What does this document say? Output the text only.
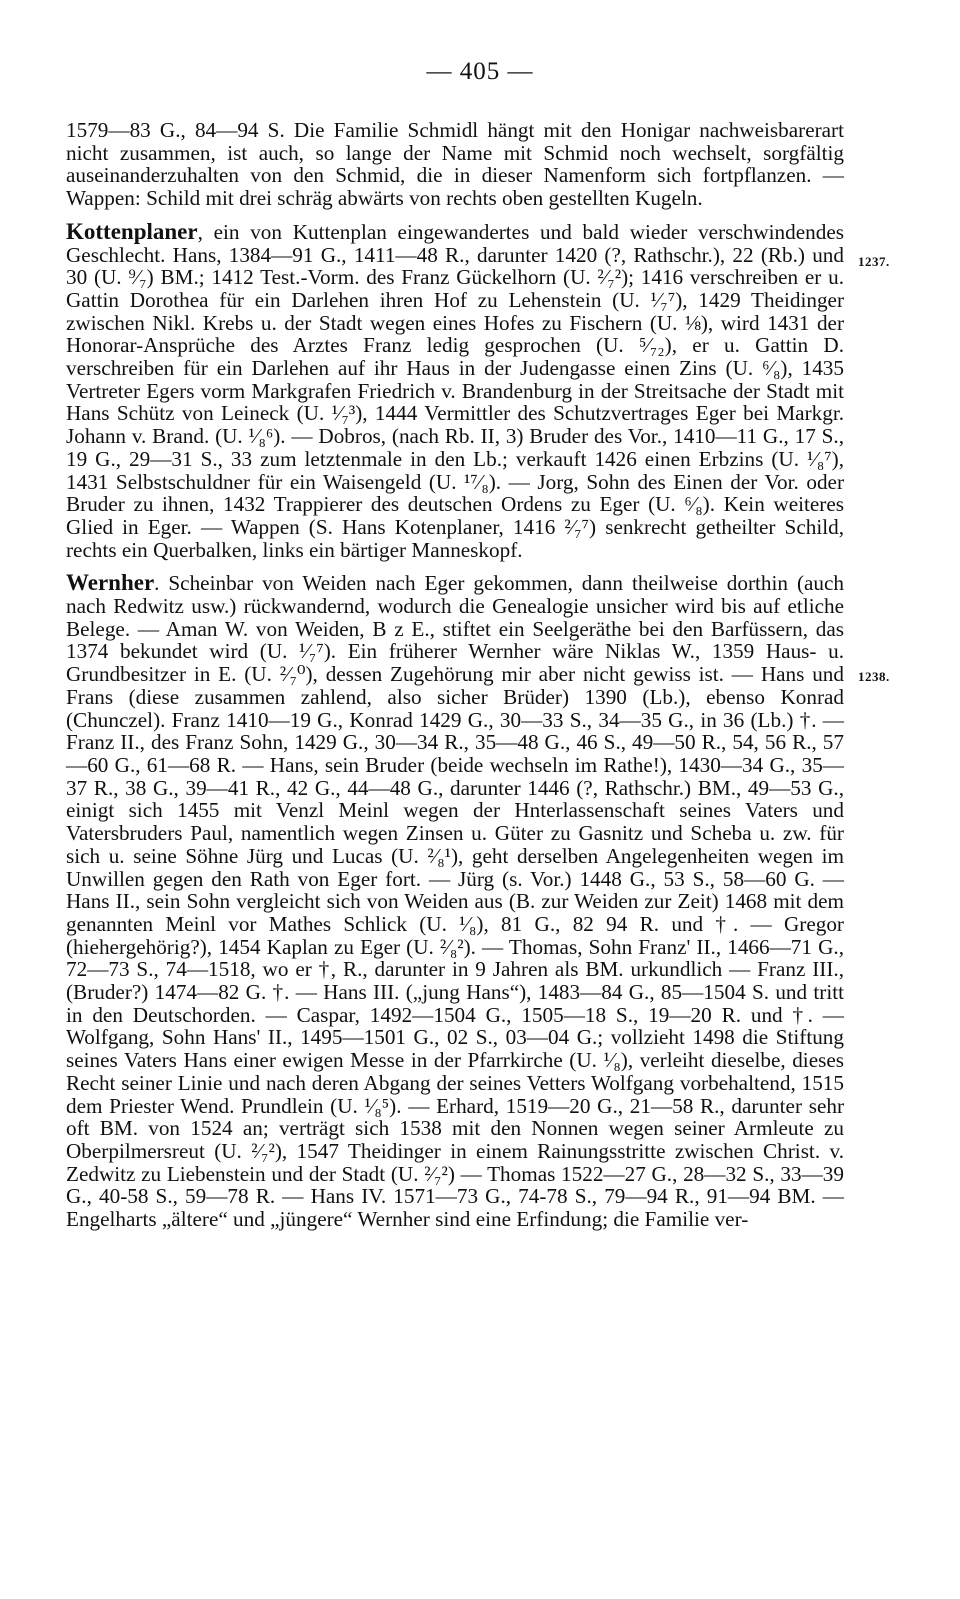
— 405 —

1579—83 G., 84—94 S. Die Familie Schmidl hängt mit den Honigar nachweisbarerart nicht zusammen, ist auch, so lange der Name mit Schmid noch wechselt, sorgfältig auseinanderzuhalten von den Schmid, die in dieser Namenform sich fortpflanzen. — Wappen: Schild mit drei schräg abwärts von rechts oben gestellten Kugeln.

Kottenplaner, ein von Kuttenplan eingewandertes und bald wieder verschwindendes Geschlecht. Hans, 1384—91 G., 1411—48 R., darunter 1420 (?, Rathschr.), 22 (Rb.) und 30 (U. ⁹⁄₇) BM.; 1412 Test.-Vorm. des Franz Gückelhorn (U. ²⁄₇²); 1416 verschreiben er u. Gattin Dorothea für ein Darlehen ihren Hof zu Lehenstein (U. ¹⁄₇⁷), 1429 Theidinger zwischen Nikl. Krebs u. der Stadt wegen eines Hofes zu Fischern (U. ⅛), wird 1431 der Honorar-Ansprüche des Arztes Franz ledig gesprochen (U. ⁵⁄₇₂), er u. Gattin D. verschreiben für ein Darlehen auf ihr Haus in der Judengasse einen Zins (U. ⁶⁄₈), 1435 Vertreter Egers vorm Markgrafen Friedrich v. Brandenburg in der Streitsache der Stadt mit Hans Schütz von Leineck (U. ¹⁄₇³), 1444 Vermittler des Schutzvertrages Eger bei Markgr. Johann v. Brand. (U. ¹⁄₈⁶). — Dobros, (nach Rb. II, 3) Bruder des Vor., 1410—11 G., 17 S., 19 G., 29—31 S., 33 zum letztenmale in den Lb.; verkauft 1426 einen Erbzins (U. ¹⁄₈⁷), 1431 Selbstschuldner für ein Waisengeld (U. ¹⁷⁄₈). — Jorg, Sohn des Einen der Vor. oder Bruder zu ihnen, 1432 Trappierer des deutschen Ordens zu Eger (U. ⁶⁄₈). Kein weiteres Glied in Eger. — Wappen (S. Hans Kotenplaner, 1416 ²⁄₇⁷) senkrecht getheilter Schild, rechts ein Querbalken, links ein bärtiger Manneskopf.

Wernher. Scheinbar von Weiden nach Eger gekommen, dann theilweise dorthin (auch nach Redwitz usw.) rückwandernd, wodurch die Genealogie unsicher wird bis auf etliche Belege. — Aman W. von Weiden, B z E., stiftet ein Seelgeräthe bei den Barfüssern, das 1374 bekundet wird (U. ¹⁄₇⁷). Ein früherer Wernher wäre Niklas W., 1359 Haus- u. Grundbesitzer in E. (U. ²⁄₇⁰), dessen Zugehörung mir aber nicht gewiss ist. — Hans und Frans (diese zusammen zahlend, also sicher Brüder) 1390 (Lb.), ebenso Konrad (Chunczel). Franz 1410—19 G., Konrad 1429 G., 30—33 S., 34—35 G., in 36 (Lb.) †. — Franz II., des Franz Sohn, 1429 G., 30—34 R., 35—48 G., 46 S., 49—50 R., 54, 56 R., 57—60 G., 61—68 R. — Hans, sein Bruder (beide wechseln im Rathe!), 1430—34 G., 35—37 R., 38 G., 39—41 R., 42 G., 44—48 G., darunter 1446 (?, Rathschr.) BM., 49—53 G., einigt sich 1455 mit Venzl Meinl wegen der Hnterlassenschaft seines Vaters und Vatersbruders Paul, namentlich wegen Zinsen u. Güter zu Gasnitz und Scheba u. zw. für sich u. seine Söhne Jürg und Lucas (U. ²⁄₈¹), geht derselben Angelegenheiten wegen im Unwillen gegen den Rath von Eger fort. — Jürg (s. Vor.) 1448 G., 53 S., 58—60 G. — Hans II., sein Sohn vergleicht sich von Weiden aus (B. zur Weiden zur Zeit) 1468 mit dem genannten Meinl vor Mathes Schlick (U. ¹⁄₈), 81 G., 82 94 R. und †. — Gregor (hiehergehörig?), 1454 Kaplan zu Eger (U. ²⁄₈²). — Thomas, Sohn Franz' II., 1466—71 G., 72—73 S., 74—1518, wo er †, R., darunter in 9 Jahren als BM. urkundlich — Franz III., (Bruder?) 1474—82 G. †. — Hans III. („jung Hans“), 1483—84 G., 85—1504 S. und tritt in den Deutschorden. — Caspar, 1492—1504 G., 1505—18 S., 19—20 R. und †. — Wolfgang, Sohn Hans' II., 1495—1501 G., 02 S., 03—04 G.; vollzieht 1498 die Stiftung seines Vaters Hans einer ewigen Messe in der Pfarrkirche (U. ¹⁄₈), verleiht dieselbe, dieses Recht seiner Linie und nach deren Abgang der seines Vetters Wolfgang vorbehaltend, 1515 dem Priester Wend. Prundlein (U. ¹⁄₈⁵). — Erhard, 1519—20 G., 21—58 R., darunter sehr oft BM. von 1524 an; verträgt sich 1538 mit den Nonnen wegen seiner Armleute zu Oberpilmersreut (U. ²⁄₇²), 1547 Theidinger in einem Rainungsstritte zwischen Christ. v. Zedwitz zu Liebenstein und der Stadt (U. ²⁄₇²) — Thomas 1522—27 G., 28—32 S., 33—39 G., 40-58 S., 59—78 R. — Hans IV. 1571—73 G., 74-78 S., 79—94 R., 91—94 BM. — Engelharts „ältere“ und „jüngere“ Wernher sind eine Erfindung; die Familie ver-

1237.
1238.
